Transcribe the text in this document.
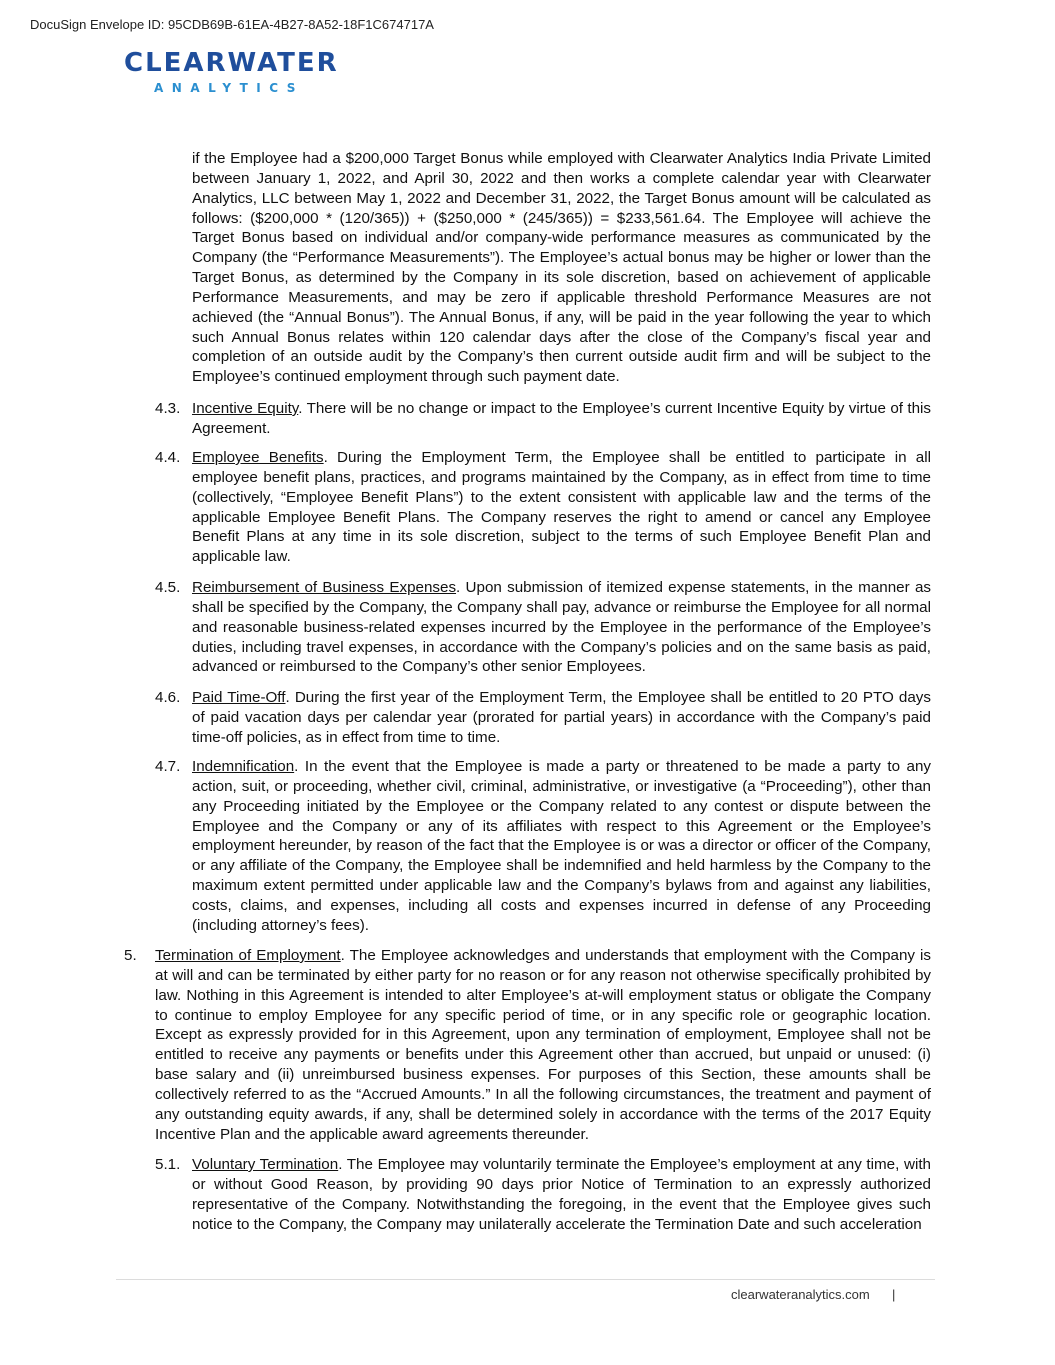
DocuSign Envelope ID: 95CDB69B-61EA-4B27-8A52-18F1C674717A
CLEARWATER
ANALYTICS

if the Employee had a $200,000 Target Bonus while employed with Clearwater Analytics India Private Limited between January 1, 2022, and April 30, 2022 and then works a complete calendar year with Clearwater Analytics, LLC between May 1, 2022 and December 31, 2022, the Target Bonus amount will be calculated as follows: ($200,000 * (120/365)) + ($250,000 * (245/365)) = $233,561.64. The Employee will achieve the Target Bonus based on individual and/or company-wide performance measures as communicated by the Company (the “Performance Measurements”). The Employee’s actual bonus may be higher or lower than the Target Bonus, as determined by the Company in its sole discretion, based on achievement of applicable Performance Measurements, and may be zero if applicable threshold Performance Measures are not achieved (the “Annual Bonus”). The Annual Bonus, if any, will be paid in the year following the year to which such Annual Bonus relates within 120 calendar days after the close of the Company’s fiscal year and completion of an outside audit by the Company’s then current outside audit firm and will be subject to the Employee’s continued employment through such payment date.

4.3. Incentive Equity. There will be no change or impact to the Employee’s current Incentive Equity by virtue of this Agreement.
4.4. Employee Benefits. During the Employment Term, the Employee shall be entitled to participate in all employee benefit plans, practices, and programs maintained by the Company, as in effect from time to time (collectively, “Employee Benefit Plans”) to the extent consistent with applicable law and the terms of the applicable Employee Benefit Plans. The Company reserves the right to amend or cancel any Employee Benefit Plans at any time in its sole discretion, subject to the terms of such Employee Benefit Plan and applicable law.
4.5. Reimbursement of Business Expenses. Upon submission of itemized expense statements, in the manner as shall be specified by the Company, the Company shall pay, advance or reimburse the Employee for all normal and reasonable business-related expenses incurred by the Employee in the performance of the Employee’s duties, including travel expenses, in accordance with the Company’s policies and on the same basis as paid, advanced or reimbursed to the Company’s other senior Employees.
4.6. Paid Time-Off. During the first year of the Employment Term, the Employee shall be entitled to 20 PTO days of paid vacation days per calendar year (prorated for partial years) in accordance with the Company’s paid time-off policies, as in effect from time to time.
4.7. Indemnification. In the event that the Employee is made a party or threatened to be made a party to any action, suit, or proceeding, whether civil, criminal, administrative, or investigative (a “Proceeding”), other than any Proceeding initiated by the Employee or the Company related to any contest or dispute between the Employee and the Company or any of its affiliates with respect to this Agreement or the Employee’s employment hereunder, by reason of the fact that the Employee is or was a director or officer of the Company, or any affiliate of the Company, the Employee shall be indemnified and held harmless by the Company to the maximum extent permitted under applicable law and the Company’s bylaws from and against any liabilities, costs, claims, and expenses, including all costs and expenses incurred in defense of any Proceeding (including attorney’s fees).
5. Termination of Employment. The Employee acknowledges and understands that employment with the Company is at will and can be terminated by either party for no reason or for any reason not otherwise specifically prohibited by law. Nothing in this Agreement is intended to alter Employee’s at-will employment status or obligate the Company to continue to employ Employee for any specific period of time, or in any specific role or geographic location. Except as expressly provided for in this Agreement, upon any termination of employment, Employee shall not be entitled to receive any payments or benefits under this Agreement other than accrued, but unpaid or unused: (i) base salary and (ii) unreimbursed business expenses. For purposes of this Section, these amounts shall be collectively referred to as the “Accrued Amounts.” In all the following circumstances, the treatment and payment of any outstanding equity awards, if any, shall be determined solely in accordance with the terms of the 2017 Equity Incentive Plan and the applicable award agreements thereunder.
5.1. Voluntary Termination. The Employee may voluntarily terminate the Employee’s employment at any time, with or without Good Reason, by providing 90 days prior Notice of Termination to an expressly authorized representative of the Company. Notwithstanding the foregoing, in the event that the Employee gives such notice to the Company, the Company may unilaterally accelerate the Termination Date and such acceleration
clearwateranalytics.com |
